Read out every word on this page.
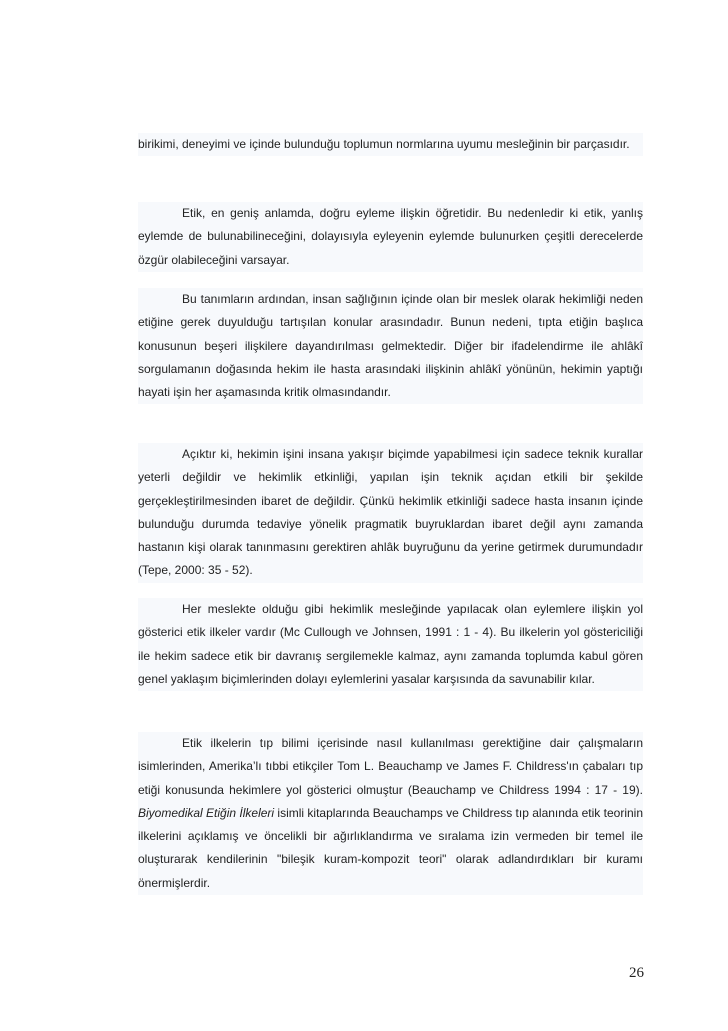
birikimi, deneyimi ve içinde bulunduğu toplumun normlarına uyumu mesleğinin bir parçasıdır.

Etik, en geniş anlamda, doğru eyleme ilişkin öğretidir. Bu nedenledir ki etik, yanlış eylemde de bulunabilineceğini, dolayısıyla eyleyenin eylemde bulunurken çeşitli derecelerde özgür olabileceğini varsayar.

Bu tanımların ardından, insan sağlığının içinde olan bir meslek olarak hekimliği neden etiğine gerek duyulduğu tartışılan konular arasındadır. Bunun nedeni, tıpta etiğin başlıca konusunun beşeri ilişkilere dayandırılması gelmektedir. Diğer bir ifadelendirme ile ahlâkî sorgulamanın doğasında hekim ile hasta arasındaki ilişkinin ahlâkî yönünün, hekimin yaptığı hayati işin her aşamasında kritik olmasındandır.

Açıktır ki, hekimin işini insana yakışır biçimde yapabilmesi için sadece teknik kurallar yeterli değildir ve hekimlik etkinliği, yapılan işin teknik açıdan etkili bir şekilde gerçekleştirilmesinden ibaret de değildir. Çünkü hekimlik etkinliği sadece hasta insanın içinde bulunduğu durumda tedaviye yönelik pragmatik buyruklardan ibaret değil aynı zamanda hastanın kişi olarak tanınmasını gerektiren ahlâk buyruğunu da yerine getirmek durumundadır (Tepe, 2000: 35 - 52).

Her meslekte olduğu gibi hekimlik mesleğinde yapılacak olan eylemlere ilişkin yol gösterici etik ilkeler vardır (Mc Cullough ve Johnsen, 1991 : 1 - 4). Bu ilkelerin yol göstericiliği ile hekim sadece etik bir davranış sergilemekle kalmaz, aynı zamanda toplumda kabul gören genel yaklaşım biçimlerinden dolayı eylemlerini yasalar karşısında da savunabilir kılar.

Etik ilkelerin tıp bilimi içerisinde nasıl kullanılması gerektiğine dair çalışmaların isimlerinden, Amerika’lı tıbbi etikçiler Tom L. Beauchamp ve James F. Childress'ın çabaları tıp etiği konusunda hekimlere yol gösterici olmuştur (Beauchamp ve Childress 1994 : 17 - 19). Biyomedikal Etiğin İlkeleri isimli kitaplarında Beauchamps ve Childress tıp alanında etik teorinin ilkelerini açıklamış ve öncelikli bir ağırlıklandırma ve sıralama izin vermeden bir temel ile oluşturarak kendilerinin "bileşik kuram-kompozit teori" olarak adlandırdıkları bir kuramı önermişlerdir.

26
